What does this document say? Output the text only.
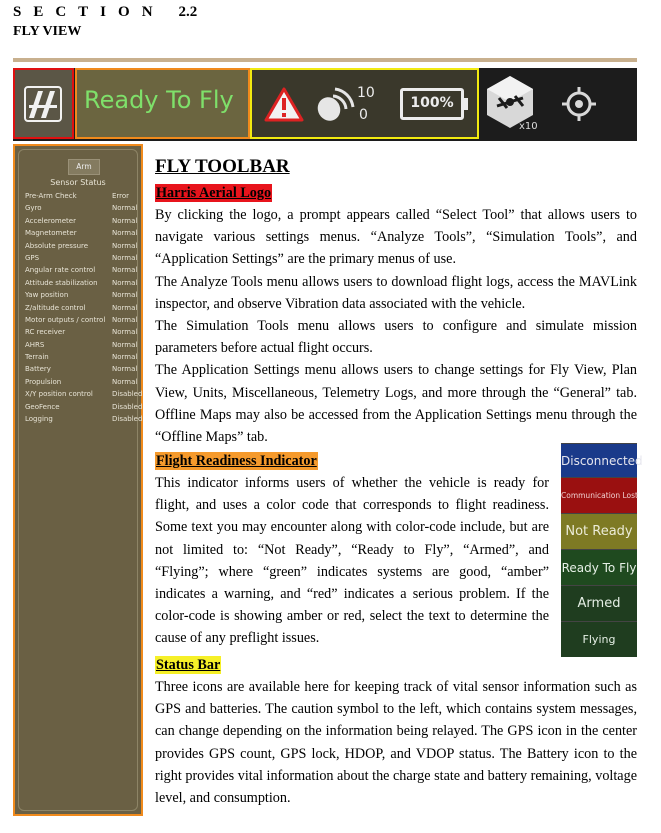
SECTION 2.2
FLY VIEW
Ready To Fly	10
0
100%
x10
Arm
Sensor Status
Pre-Arm Check	Error
Gyro	Normal
Accelerometer	Normal
Magnetometer	Normal
Absolute pressure	Normal
GPS	Normal
Angular rate control Normal
Attitude stabilization Normal
Yaw position	Normal
Z/altitude control	Normal
Motor outputs / control Normal
RC receiver	Normal
AHRS	Normal
Terrain	Normal
Battery	Normal
Propulsion	Normal
X/Y position control	Disabled
GeoFence	Disabled
Logging	Disabled
FLY TOOLBAR
Harris Aerial Logo
By clicking the logo, a prompt appears called “Select Tool” that allows users to navigate various settings menus. “Analyze Tools”, “Simulation Tools”, and “Application Settings” are the primary menus of use.
The Analyze Tools menu allows users to download flight logs, access the MAVLink inspector, and observe Vibration data associated with the vehicle.
The Simulation Tools menu allows users to configure and simulate mission parameters before actual flight occurs.
The Application Settings menu allows users to change settings for Fly View, Plan View, Units, Miscellaneous, Telemetry Logs, and more through the “General” tab. Offline Maps may also be accessed from the Application Settings menu through the “Offline Maps” tab.
Flight Readiness Indicator
This indicator informs users of whether the vehicle is ready for flight, and uses a color code that corresponds to flight readiness. Some text you may encounter along with color-code include, but are not limited to: “Not Ready”, “Ready to Fly”, “Armed”, and “Flying”; where “green” indicates systems are good, “amber” indicates a warning, and “red” indicates a serious problem. If the color-code is showing amber or red, select the text to determine the cause of any preflight issues.
Disconnected
Communication Lost
Not Ready
Ready To Fly
Armed
Flying
Status Bar
Three icons are available here for keeping track of vital sensor information such as GPS and batteries. The caution symbol to the left, which contains system messages, can change depending on the information being relayed. The GPS icon in the center provides GPS count, GPS lock, HDOP, and VDOP status. The Battery icon to the right provides vital information about the charge state and battery remaining, voltage level, and consumption.
